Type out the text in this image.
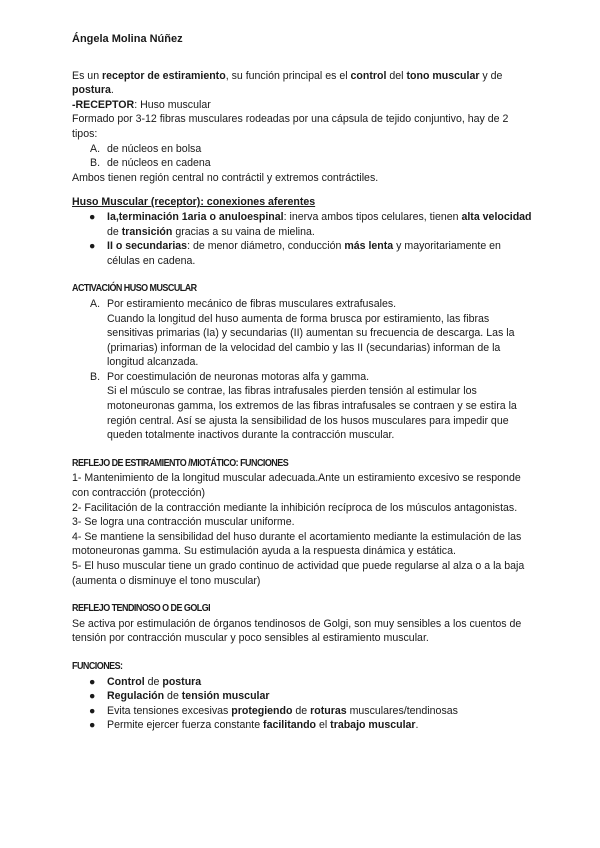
Ángela Molina Núñez

Es un receptor de estiramiento, su función principal es el control del tono muscular y de postura.

-RECEPTOR: Huso muscular

Formado por 3-12 fibras musculares rodeadas por una cápsula de tejido conjuntivo, hay de 2 tipos:

A. de núcleos en bolsa
B. de núcleos en cadena

Ambos tienen región central no contráctil y extremos contráctiles.

Huso Muscular (receptor): conexiones aferentes

● Ia,terminación 1aria o anuloespinal: inerva ambos tipos celulares, tienen alta velocidad de transición gracias a su vaina de mielina.
● II o secundarias: de menor diámetro, conducción más lenta y mayoritariamente en células en cadena.

ACTIVACIÓN HUSO MUSCULAR

A. Por estiramiento mecánico de fibras musculares extrafusales.
Cuando la longitud del huso aumenta de forma brusca por estiramiento, las fibras sensitivas primarias (Ia) y secundarias (II) aumentan su frecuencia de descarga. Las la (primarias) informan de la velocidad del cambio y las II (secundarias) informan de la longitud alcanzada.
B. Por coestimulación de neuronas motoras alfa y gamma.
Si el músculo se contrae, las fibras intrafusales pierden tensión al estimular los motoneuronas gamma, los extremos de las fibras intrafusales se contraen y se estira la región central. Así se ajusta la sensibilidad de los husos musculares para impedir que queden totalmente inactivos durante la contracción muscular.

REFLEJO DE ESTIRAMIENTO /MIOTÁTICO: FUNCIONES

1- Mantenimiento de la longitud muscular adecuada.Ante un estiramiento excesivo se responde con contracción (protección)

2- Facilitación de la contracción mediante la inhibición recíproca de los músculos antagonistas.

3- Se logra una contracción muscular uniforme.

4- Se mantiene la sensibilidad del huso durante el acortamiento mediante la estimulación de las motoneuronas gamma. Su estimulación ayuda a la respuesta dinámica y estática.

5- El huso muscular tiene un grado continuo de actividad que puede regularse al alza o a la baja (aumenta o disminuye el tono muscular)

REFLEJO TENDINOSO O DE GOLGI

Se activa por estimulación de órganos tendinosos de Golgi, son muy sensibles a los cuentos de tensión por contracción muscular y poco sensibles al estiramiento muscular.

FUNCIONES:

● Control de postura
● Regulación de tensión muscular
● Evita tensiones excesivas protegiendo de roturas musculares/tendinosas
● Permite ejercer fuerza constante facilitando el trabajo muscular.
